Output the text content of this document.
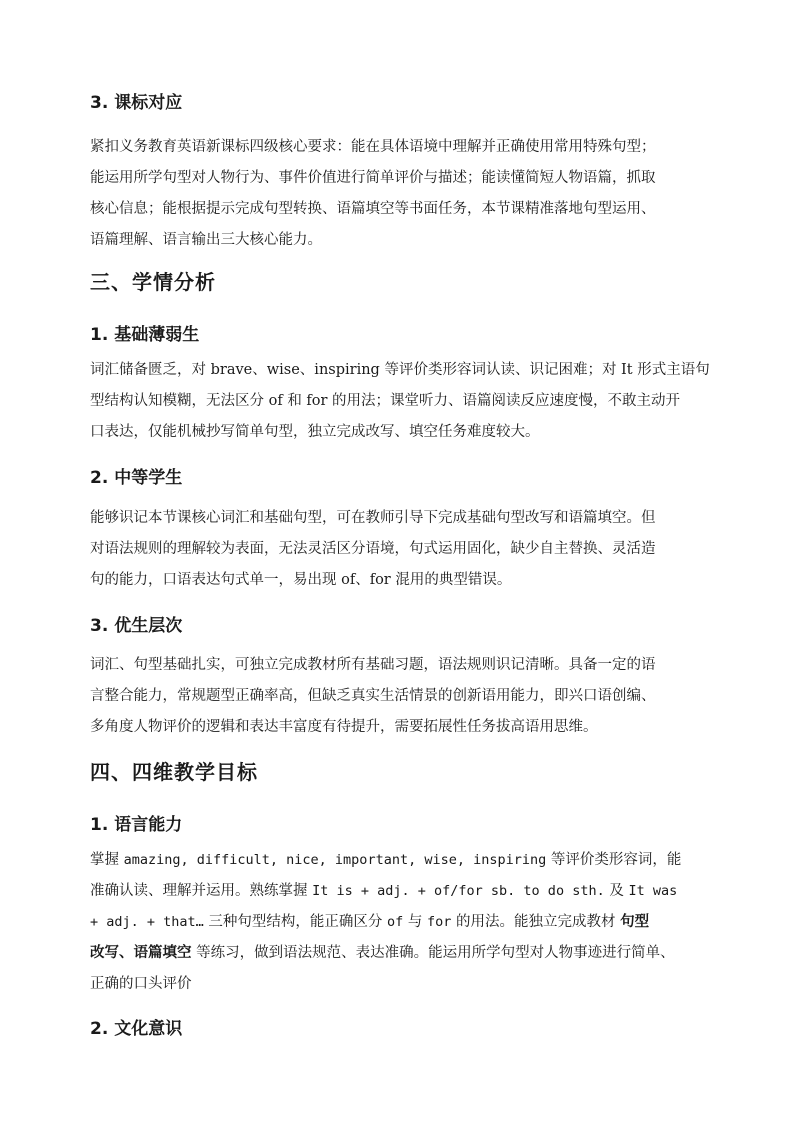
3. 课标对应

紧扣义务教育英语新课标四级核心要求：能在具体语境中理解并正确使用常用特殊句型；

能运用所学句型对人物行为、事件价值进行简单评价与描述；能读懂简短人物语篇，抓取

核心信息；能根据提示完成句型转换、语篇填空等书面任务，本节课精准落地句型运用、

语篇理解、语言输出三大核心能力。

三、学情分析
1. 基础薄弱生

词汇储备匮乏，对 brave、wise、inspiring 等评价类形容词认读、识记困难；对 It 形式主语句

型结构认知模糊，无法区分 of 和 for 的用法；课堂听力、语篇阅读反应速度慢，不敢主动开

口表达，仅能机械抄写简单句型，独立完成改写、填空任务难度较大。

2. 中等学生

能够识记本节课核心词汇和基础句型，可在教师引导下完成基础句型改写和语篇填空。但

对语法规则的理解较为表面，无法灵活区分语境，句式运用固化，缺少自主替换、灵活造

句的能力，口语表达句式单一，易出现 of、for 混用的典型错误。

3. 优生层次

词汇、句型基础扎实，可独立完成教材所有基础习题，语法规则识记清晰。具备一定的语

言整合能力，常规题型正确率高，但缺乏真实生活情景的创新语用能力，即兴口语创编、

多角度人物评价的逻辑和表达丰富度有待提升，需要拓展性任务拔高语用思维。

四、四维教学目标
1. 语言能力

掌握 amazing, difficult, nice, important, wise, inspiring 等评价类形容词，能

准确认读、理解并运用。熟练掌握 It is + adj. + of/for sb. to do sth. 及 It was

+ adj. + that… 三种句型结构，能正确区分 of 与 for 的用法。能独立完成教材 句型

改写、语篇填空 等练习，做到语法规范、表达准确。能运用所学句型对人物事迹进行简单、

正确的口头评价

2. 文化意识
